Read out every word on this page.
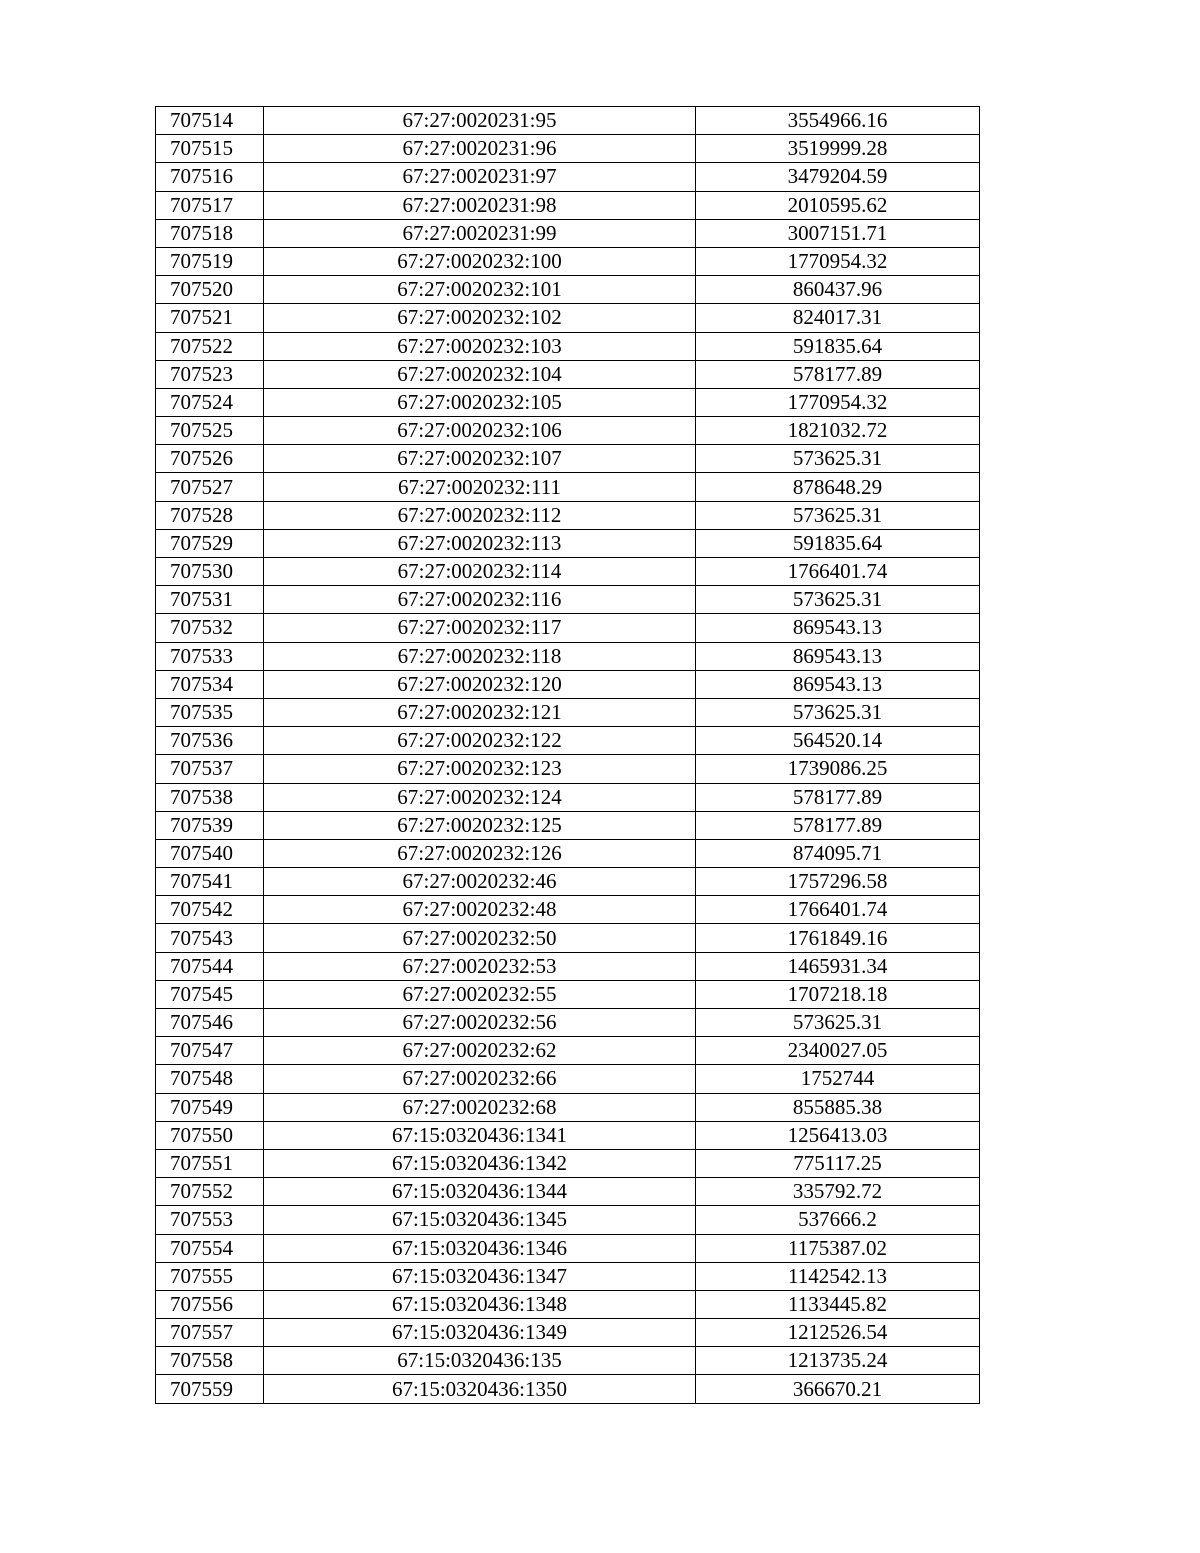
707514	67:27:0020231:95	3554966.16
707515	67:27:0020231:96	3519999.28
707516	67:27:0020231:97	3479204.59
707517	67:27:0020231:98	2010595.62
707518	67:27:0020231:99	3007151.71
707519	67:27:0020232:100	1770954.32
707520	67:27:0020232:101	860437.96
707521	67:27:0020232:102	824017.31
707522	67:27:0020232:103	591835.64
707523	67:27:0020232:104	578177.89
707524	67:27:0020232:105	1770954.32
707525	67:27:0020232:106	1821032.72
707526	67:27:0020232:107	573625.31
707527	67:27:0020232:111	878648.29
707528	67:27:0020232:112	573625.31
707529	67:27:0020232:113	591835.64
707530	67:27:0020232:114	1766401.74
707531	67:27:0020232:116	573625.31
707532	67:27:0020232:117	869543.13
707533	67:27:0020232:118	869543.13
707534	67:27:0020232:120	869543.13
707535	67:27:0020232:121	573625.31
707536	67:27:0020232:122	564520.14
707537	67:27:0020232:123	1739086.25
707538	67:27:0020232:124	578177.89
707539	67:27:0020232:125	578177.89
707540	67:27:0020232:126	874095.71
707541	67:27:0020232:46	1757296.58
707542	67:27:0020232:48	1766401.74
707543	67:27:0020232:50	1761849.16
707544	67:27:0020232:53	1465931.34
707545	67:27:0020232:55	1707218.18
707546	67:27:0020232:56	573625.31
707547	67:27:0020232:62	2340027.05
707548	67:27:0020232:66	1752744
707549	67:27:0020232:68	855885.38
707550	67:15:0320436:1341	1256413.03
707551	67:15:0320436:1342	775117.25
707552	67:15:0320436:1344	335792.72
707553	67:15:0320436:1345	537666.2
707554	67:15:0320436:1346	1175387.02
707555	67:15:0320436:1347	1142542.13
707556	67:15:0320436:1348	1133445.82
707557	67:15:0320436:1349	1212526.54
707558	67:15:0320436:135	1213735.24
707559	67:15:0320436:1350	366670.21
